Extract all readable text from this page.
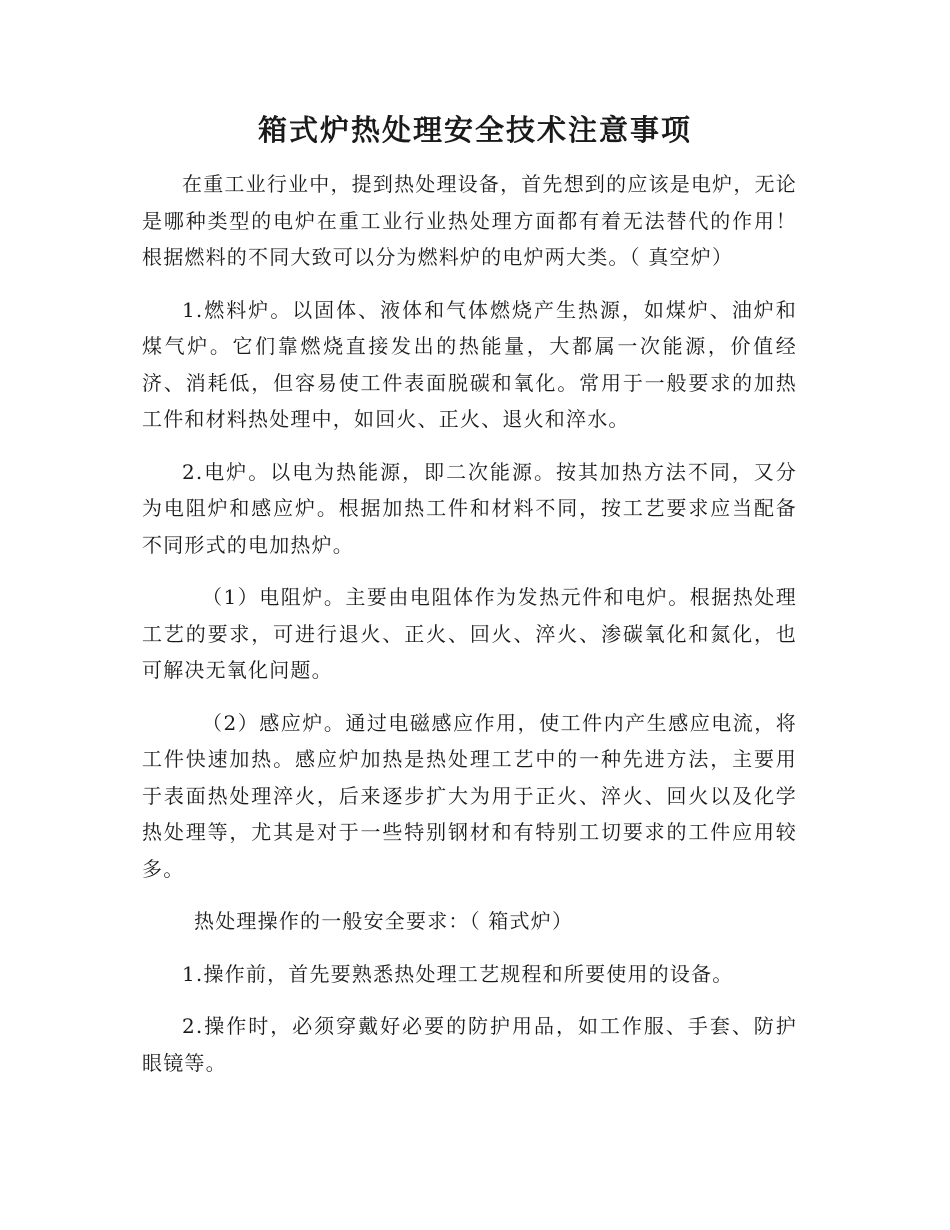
箱式炉热处理安全技术注意事项

在重工业行业中，提到热处理设备，首先想到的应该是电炉，无论是哪种类型的电炉在重工业行业热处理方面都有着无法替代的作用！根据燃料的不同大致可以分为燃料炉的电炉两大类。（ 真空炉）

1.燃料炉。以固体、液体和气体燃烧产生热源，如煤炉、油炉和煤气炉。它们靠燃烧直接发出的热能量，大都属一次能源，价值经济、消耗低，但容易使工件表面脱碳和氧化。常用于一般要求的加热工件和材料热处理中，如回火、正火、退火和淬水。

2.电炉。以电为热能源，即二次能源。按其加热方法不同，又分为电阻炉和感应炉。根据加热工件和材料不同，按工艺要求应当配备不同形式的电加热炉。

（1）电阻炉。主要由电阻体作为发热元件和电炉。根据热处理工艺的要求，可进行退火、正火、回火、淬火、渗碳氧化和氮化，也可解决无氧化问题。

（2）感应炉。通过电磁感应作用，使工件内产生感应电流，将工件快速加热。感应炉加热是热处理工艺中的一种先进方法，主要用于表面热处理淬火，后来逐步扩大为用于正火、淬火、回火以及化学热处理等，尤其是对于一些特别钢材和有特别工切要求的工件应用较多。

热处理操作的一般安全要求：（ 箱式炉）

1.操作前，首先要熟悉热处理工艺规程和所要使用的设备。

2.操作时，必须穿戴好必要的防护用品，如工作服、手套、防护眼镜等。
